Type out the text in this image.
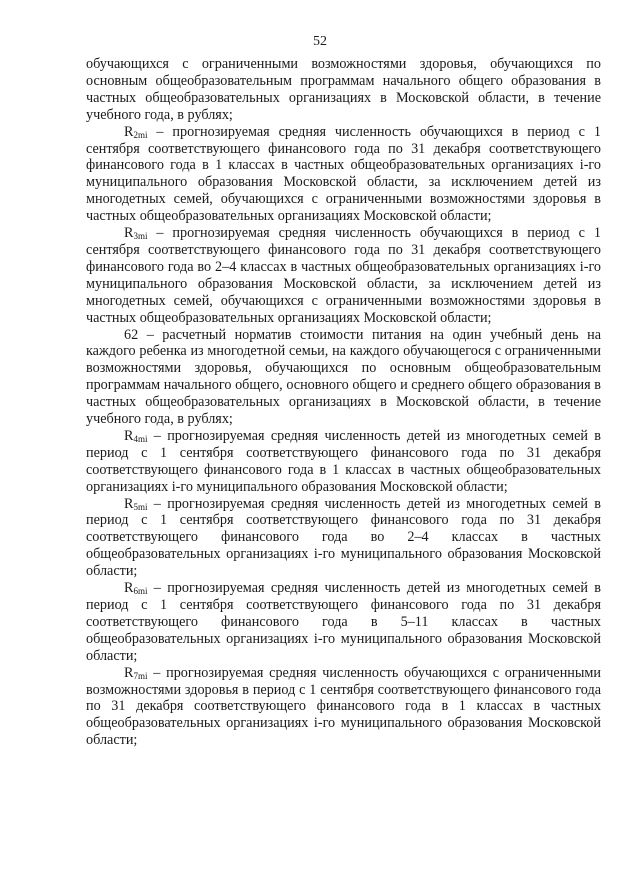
52

обучающихся с ограниченными возможностями здоровья, обучающихся по основным общеобразовательным программам начального общего образования в частных общеобразовательных организациях в Московской области, в течение учебного года, в рублях;

$R_{2mi}$ – прогнозируемая средняя численность обучающихся в период с 1 сентября соответствующего финансового года по 31 декабря соответствующего финансового года в 1 классах в частных общеобразовательных организациях i-го муниципального образования Московской области, за исключением детей из многодетных семей, обучающихся с ограниченными возможностями здоровья в частных общеобразовательных организациях Московской области;

$R_{3mi}$ – прогнозируемая средняя численность обучающихся в период с 1 сентября соответствующего финансового года по 31 декабря соответствующего финансового года во 2–4 классах в частных общеобразовательных организациях i-го муниципального образования Московской области, за исключением детей из многодетных семей, обучающихся с ограниченными возможностями здоровья в частных общеобразовательных организациях Московской области;

62 – расчетный норматив стоимости питания на один учебный день на каждого ребенка из многодетной семьи, на каждого обучающегося с ограниченными возможностями здоровья, обучающихся по основным общеобразовательным программам начального общего, основного общего и среднего общего образования в частных общеобразовательных организациях в Московской области, в течение учебного года, в рублях;

$R_{4mi}$ – прогнозируемая средняя численность детей из многодетных семей в период с 1 сентября соответствующего финансового года по 31 декабря соответствующего финансового года в 1 классах в частных общеобразовательных организациях i-го муниципального образования Московской области;

$R_{5mi}$ – прогнозируемая средняя численность детей из многодетных семей в период с 1 сентября соответствующего финансового года по 31 декабря соответствующего финансового года во 2–4 классах в частных общеобразовательных организациях i-го муниципального образования Московской области;

$R_{6mi}$ – прогнозируемая средняя численность детей из многодетных семей в период с 1 сентября соответствующего финансового года по 31 декабря соответствующего финансового года в 5–11 классах в частных общеобразовательных организациях i-го муниципального образования Московской области;

$R_{7mi}$ – прогнозируемая средняя численность обучающихся с ограниченными возможностями здоровья в период с 1 сентября соответствующего финансового года по 31 декабря соответствующего финансового года в 1 классах в частных общеобразовательных организациях i-го муниципального образования Московской области;
